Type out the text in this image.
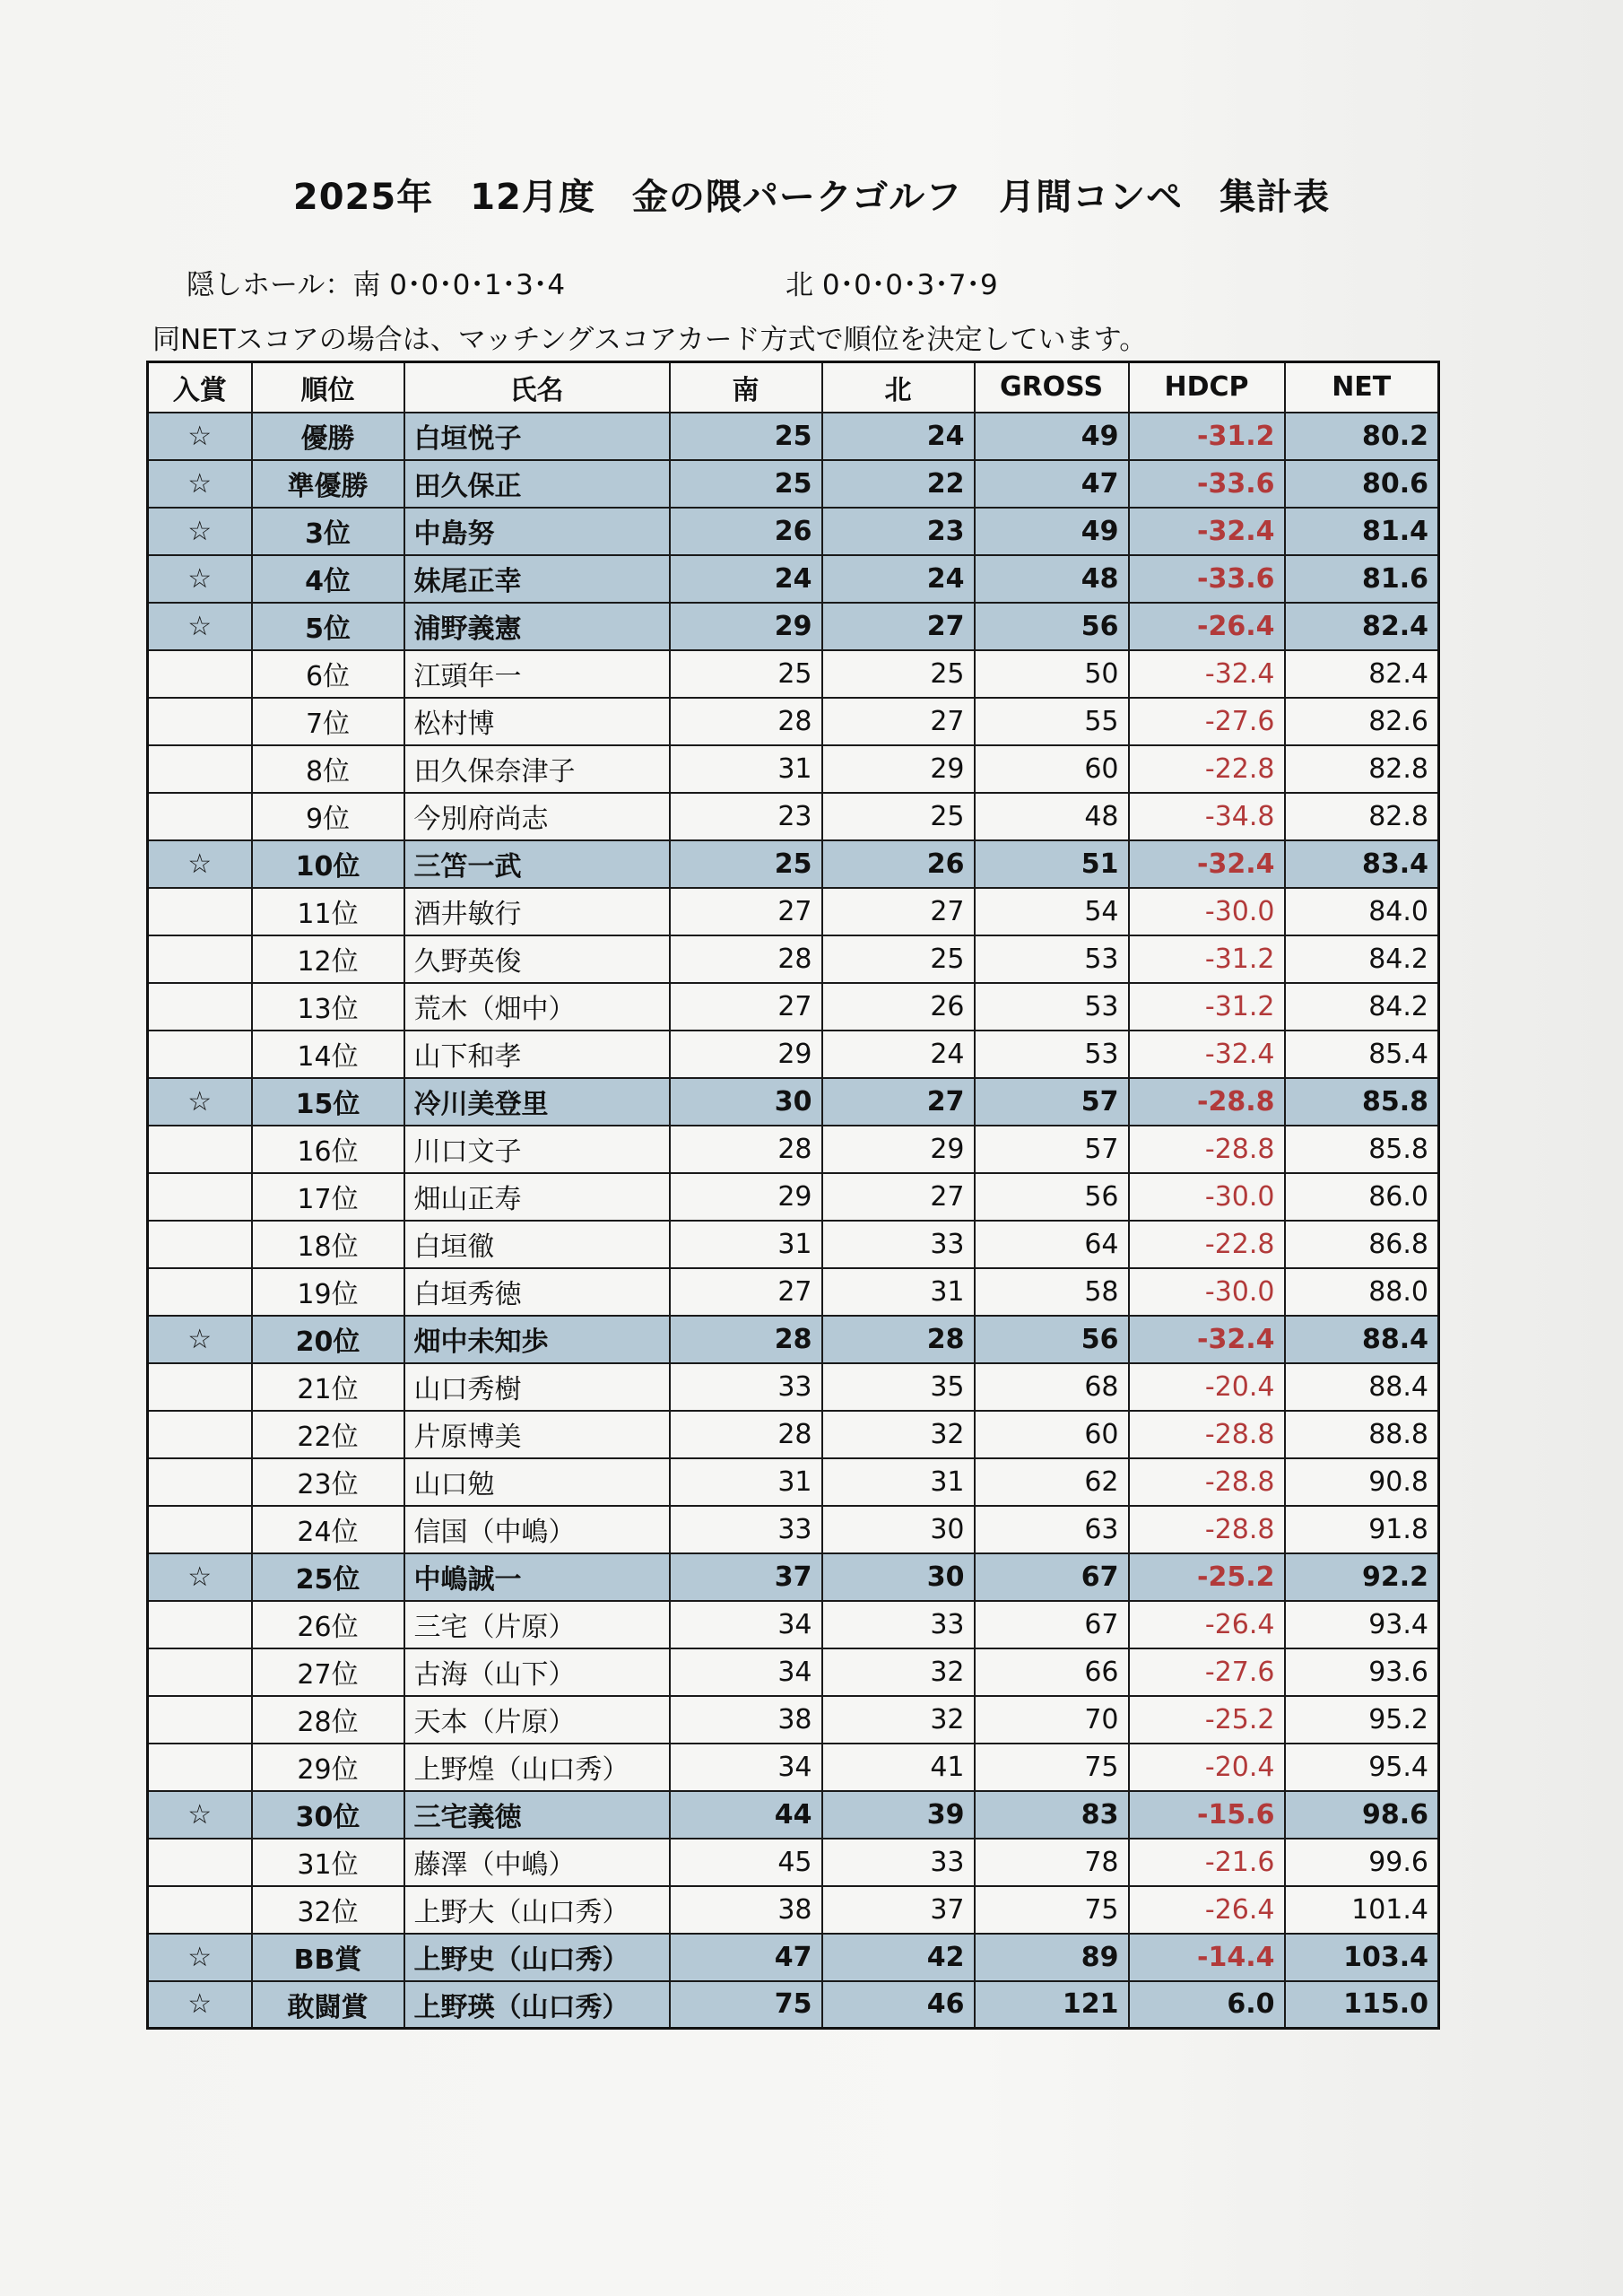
2025年　12月度　金の隈パークゴルフ　月間コンペ　集計表
隠しホール：南 0･0･0･1･3･4	北 0･0･0･3･7･9
同NETスコアの場合は、マッチングスコアカード方式で順位を決定しています。
入賞	順位	氏名	南	北	GROSS	HDCP	NET
☆	優勝	白垣悦子	25	24	49	-31.2	80.2
☆	準優勝	田久保正	25	22	47	-33.6	80.6
☆	3位	中島努	26	23	49	-32.4	81.4
☆	4位	妹尾正幸	24	24	48	-33.6	81.6
☆	5位	浦野義憲	29	27	56	-26.4	82.4
	6位	江頭年一	25	25	50	-32.4	82.4
	7位	松村博	28	27	55	-27.6	82.6
	8位	田久保奈津子	31	29	60	-22.8	82.8
	9位	今別府尚志	23	25	48	-34.8	82.8
☆	10位	三笘一武	25	26	51	-32.4	83.4
	11位	酒井敏行	27	27	54	-30.0	84.0
	12位	久野英俊	28	25	53	-31.2	84.2
	13位	荒木（畑中）	27	26	53	-31.2	84.2
	14位	山下和孝	29	24	53	-32.4	85.4
☆	15位	冷川美登里	30	27	57	-28.8	85.8
	16位	川口文子	28	29	57	-28.8	85.8
	17位	畑山正寿	29	27	56	-30.0	86.0
	18位	白垣徹	31	33	64	-22.8	86.8
	19位	白垣秀徳	27	31	58	-30.0	88.0
☆	20位	畑中未知歩	28	28	56	-32.4	88.4
	21位	山口秀樹	33	35	68	-20.4	88.4
	22位	片原博美	28	32	60	-28.8	88.8
	23位	山口勉	31	31	62	-28.8	90.8
	24位	信国（中嶋）	33	30	63	-28.8	91.8
☆	25位	中嶋誠一	37	30	67	-25.2	92.2
	26位	三宅（片原）	34	33	67	-26.4	93.4
	27位	古海（山下）	34	32	66	-27.6	93.6
	28位	天本（片原）	38	32	70	-25.2	95.2
	29位	上野煌（山口秀）	34	41	75	-20.4	95.4
☆	30位	三宅義徳	44	39	83	-15.6	98.6
	31位	藤澤（中嶋）	45	33	78	-21.6	99.6
	32位	上野大（山口秀）	38	37	75	-26.4	101.4
☆	BB賞	上野史（山口秀）	47	42	89	-14.4	103.4
☆	敢闘賞	上野瑛（山口秀）	75	46	121	6.0	115.0
